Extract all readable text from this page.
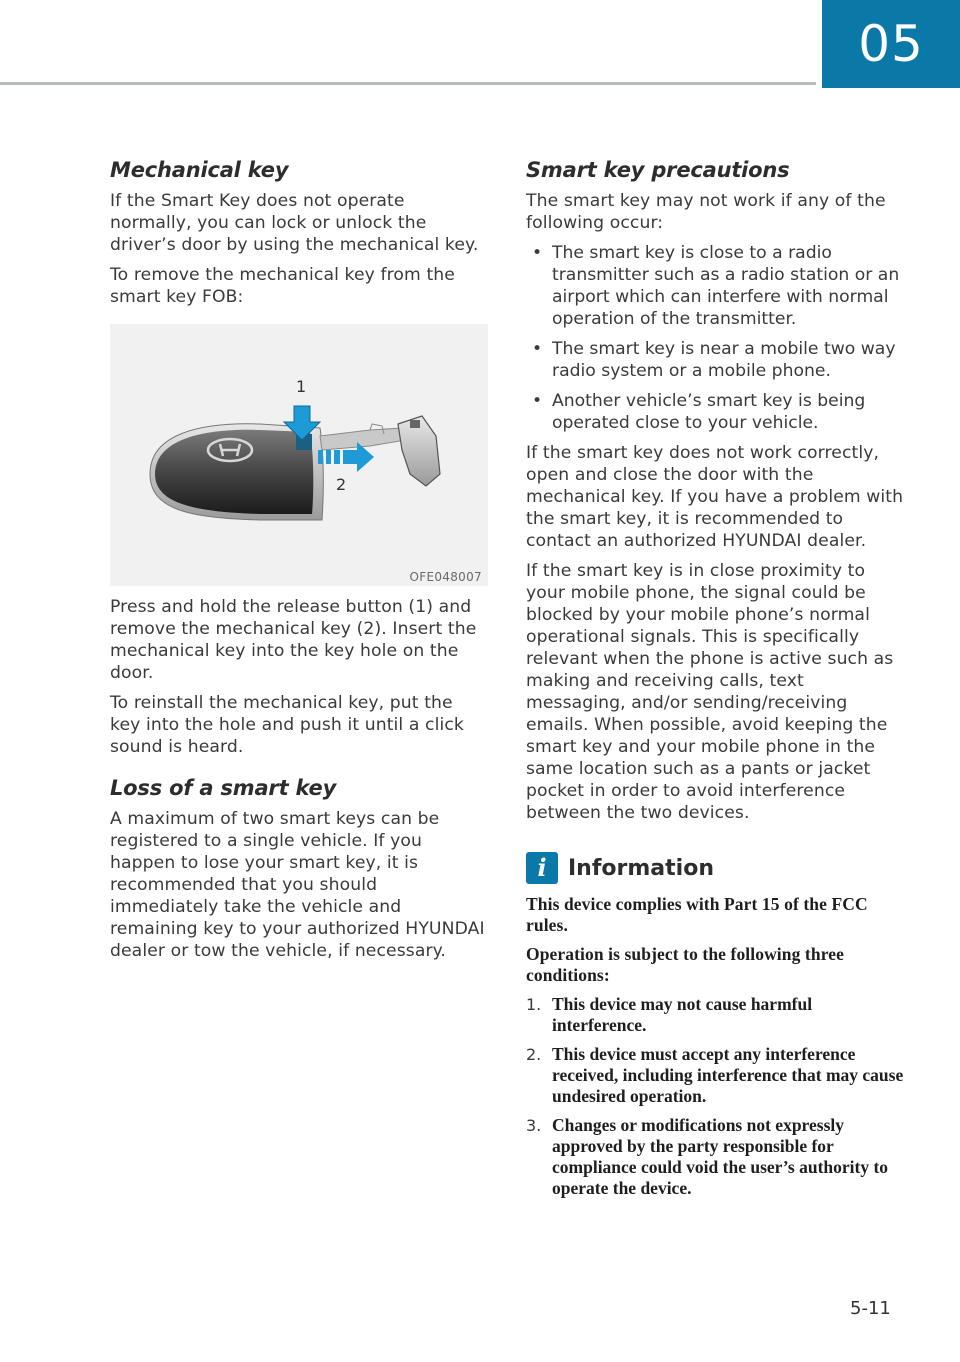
05
Mechanical key

If the Smart Key does not operate normally, you can lock or unlock the driver’s door by using the mechanical key.

To remove the mechanical key from the smart key FOB:

1
2
OFE048007

Press and hold the release button (1) and remove the mechanical key (2). Insert the mechanical key into the key hole on the door.

To reinstall the mechanical key, put the key into the hole and push it until a click sound is heard.

Loss of a smart key

A maximum of two smart keys can be registered to a single vehicle. If you happen to lose your smart key, it is recommended that you should immediately take the vehicle and remaining key to your authorized HYUNDAI dealer or tow the vehicle, if necessary.

Smart key precautions

The smart key may not work if any of the following occur:

• The smart key is close to a radio transmitter such as a radio station or an airport which can interfere with normal operation of the transmitter.
• The smart key is near a mobile two way radio system or a mobile phone.
• Another vehicle’s smart key is being operated close to your vehicle.

If the smart key does not work correctly, open and close the door with the mechanical key. If you have a problem with the smart key, it is recommended to contact an authorized HYUNDAI dealer.

If the smart key is in close proximity to your mobile phone, the signal could be blocked by your mobile phone’s normal operational signals. This is specifically relevant when the phone is active such as making and receiving calls, text messaging, and/or sending/receiving emails. When possible, avoid keeping the smart key and your mobile phone in the same location such as a pants or jacket pocket in order to avoid interference between the two devices.

i Information

This device complies with Part 15 of the FCC rules.

Operation is subject to the following three conditions:

1. This device may not cause harmful interference.
2. This device must accept any interference received, including interference that may cause undesired operation.
3. Changes or modifications not expressly approved by the party responsible for compliance could void the user’s authority to operate the device.
5-11
